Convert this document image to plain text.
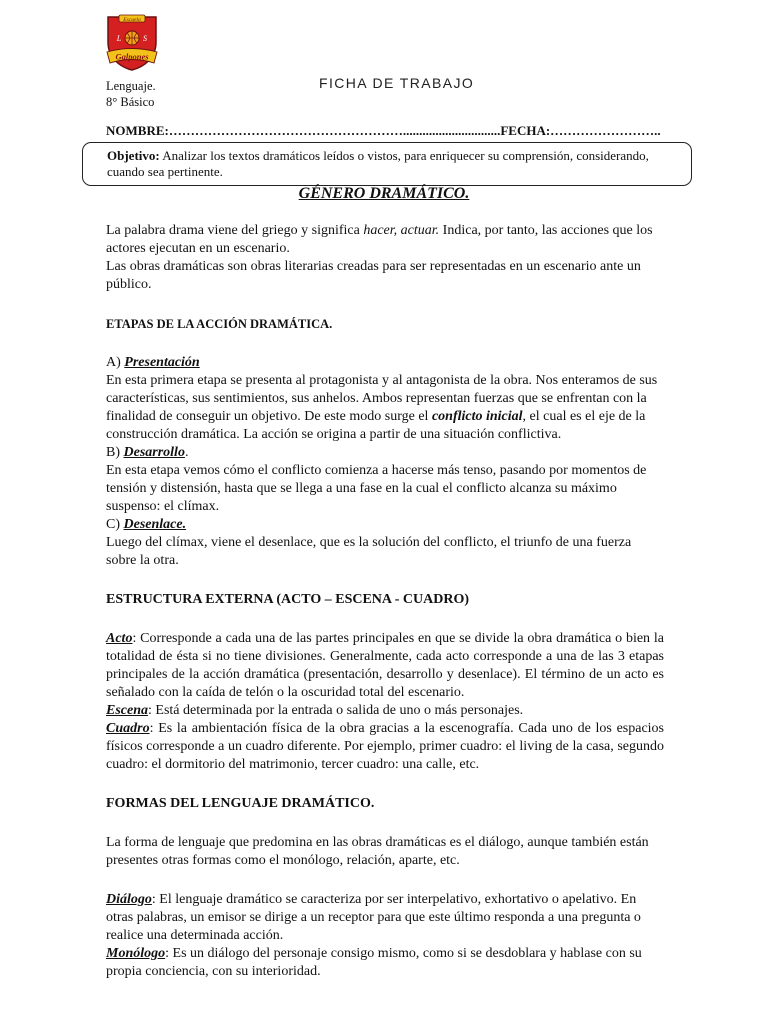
Escuela
L	S
Galpones
Lenguaje.
8° Básico
FICHA DE TRABAJO
NOMBRE:………………………………………………..............................FECHA:……………………..
Objetivo: Analizar los textos dramáticos leídos o vistos, para enriquecer su comprensión, considerando, cuando sea pertinente.
GÉNERO DRAMÁTICO.

La palabra drama viene del griego y significa hacer, actuar. Indica, por tanto, las acciones que los actores ejecutan en un escenario.

Las obras dramáticas son obras literarias creadas para ser representadas en un escenario ante un público.

ETAPAS DE LA ACCIÓN DRAMÁTICA.

A) Presentación

En esta primera etapa se presenta al protagonista y al antagonista de la obra. Nos enteramos de sus características, sus sentimientos, sus anhelos. Ambos representan fuerzas que se enfrentan con la finalidad de conseguir un objetivo. De este modo surge el conflicto inicial, el cual es el eje de la construcción dramática. La acción se origina a partir de una situación conflictiva.

B) Desarrollo.

En esta etapa vemos cómo el conflicto comienza a hacerse más tenso, pasando por momentos de tensión y distensión, hasta que se llega a una fase en la cual el conflicto alcanza su máximo suspenso: el clímax.

C) Desenlace.

Luego del clímax, viene el desenlace, que es la solución del conflicto, el triunfo de una fuerza sobre la otra.

ESTRUCTURA EXTERNA (ACTO – ESCENA - CUADRO)

Acto: Corresponde a cada una de las partes principales en que se divide la obra dramática o bien la totalidad de ésta si no tiene divisiones. Generalmente, cada acto corresponde a una de las 3 etapas principales de la acción dramática (presentación, desarrollo y desenlace). El término de un acto es señalado con la caída de telón o la oscuridad total del escenario.

Escena: Está determinada por la entrada o salida de uno o más personajes.

Cuadro: Es la ambientación física de la obra gracias a la escenografía. Cada uno de los espacios físicos corresponde a un cuadro diferente. Por ejemplo, primer cuadro: el living de la casa, segundo cuadro: el dormitorio del matrimonio, tercer cuadro: una calle, etc.

FORMAS DEL LENGUAJE DRAMÁTICO.

La forma de lenguaje que predomina en las obras dramáticas es el diálogo, aunque también están presentes otras formas como el monólogo, relación, aparte, etc.

Diálogo: El lenguaje dramático se caracteriza por ser interpelativo, exhortativo o apelativo. En otras palabras, un emisor se dirige a un receptor para que este último responda a una pregunta o realice una determinada acción.

Monólogo: Es un diálogo del personaje consigo mismo, como si se desdoblara y hablase con su propia conciencia, con su interioridad.
